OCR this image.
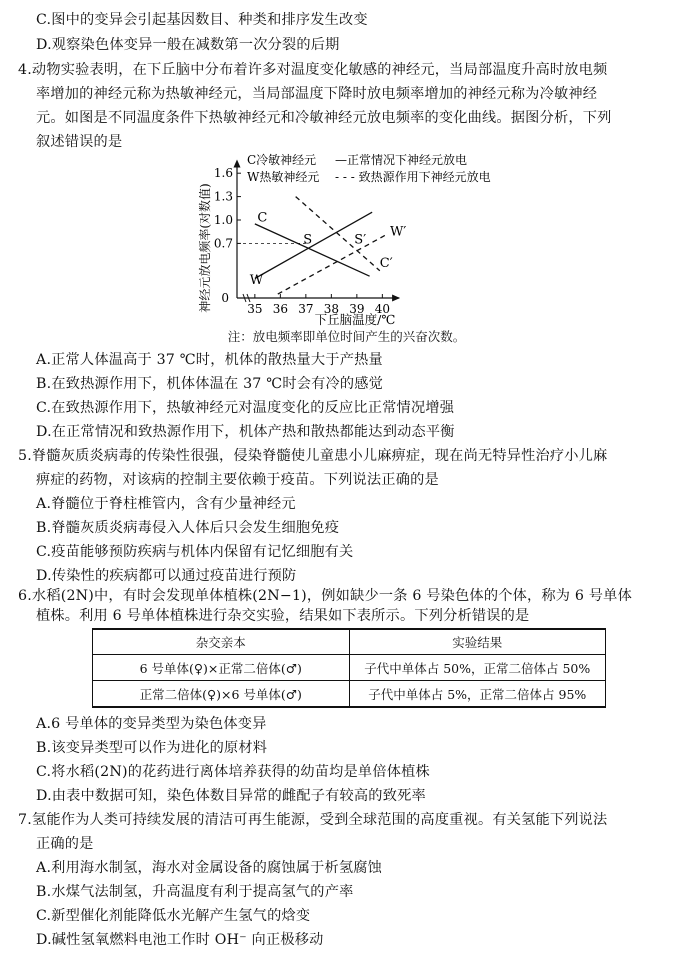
C.图中的变异会引起基因数目、种类和排序发生改变
D.观察染色体变异一般在减数第一次分裂的后期
4.动物实验表明，在下丘脑中分布着许多对温度变化敏感的神经元，当局部温度升高时放电频
率增加的神经元称为热敏神经元，当局部温度下降时放电频率增加的神经元称为冷敏神经
元。如图是不同温度条件下热敏神经元和冷敏神经元放电频率的变化曲线。据图分析，下列
叙述错误的是
C冷敏神经元
W热敏神经元
—正常情况下神经元放电
- - - 致热源作用下神经元放电
神经元放电频率(对数值)
下丘脑温度/℃
35 36 37 38 39 40
0
0.7
1.0
1.3
1.6
C
W
S	S′
C′
W′
注：放电频率即单位时间产生的兴奋次数。
A.正常人体温高于 37 ℃时，机体的散热量大于产热量
B.在致热源作用下，机体体温在 37 ℃时会有冷的感觉
C.在致热源作用下，热敏神经元对温度变化的反应比正常情况增强
D.在正常情况和致热源作用下，机体产热和散热都能达到动态平衡
5.脊髓灰质炎病毒的传染性很强，侵染脊髓使儿童患小儿麻痹症，现在尚无特异性治疗小儿麻
痹症的药物，对该病的控制主要依赖于疫苗。下列说法正确的是
A.脊髓位于脊柱椎管内，含有少量神经元
B.脊髓灰质炎病毒侵入人体后只会发生细胞免疫
C.疫苗能够预防疾病与机体内保留有记忆细胞有关
D.传染性的疾病都可以通过疫苗进行预防
6.水稻(2N)中，有时会发现单体植株(2N−1)，例如缺少一条 6 号染色体的个体，称为 6 号单体
植株。利用 6 号单体植株进行杂交实验，结果如下表所示。下列分析错误的是
杂交亲本	实验结果
6 号单体(♀)×正常二倍体(♂)	子代中单体占 50%，正常二倍体占 50%
正常二倍体(♀)×6 号单体(♂)	子代中单体占 5%，正常二倍体占 95%
A.6 号单体的变异类型为染色体变异
B.该变异类型可以作为进化的原材料
C.将水稻(2N)的花药进行离体培养获得的幼苗均是单倍体植株
D.由表中数据可知，染色体数目异常的雌配子有较高的致死率
7.氢能作为人类可持续发展的清洁可再生能源，受到全球范围的高度重视。有关氢能下列说法
正确的是
A.利用海水制氢，海水对金属设备的腐蚀属于析氢腐蚀
B.水煤气法制氢，升高温度有利于提高氢气的产率
C.新型催化剂能降低水光解产生氢气的焓变
D.碱性氢氧燃料电池工作时 OH⁻ 向正极移动
